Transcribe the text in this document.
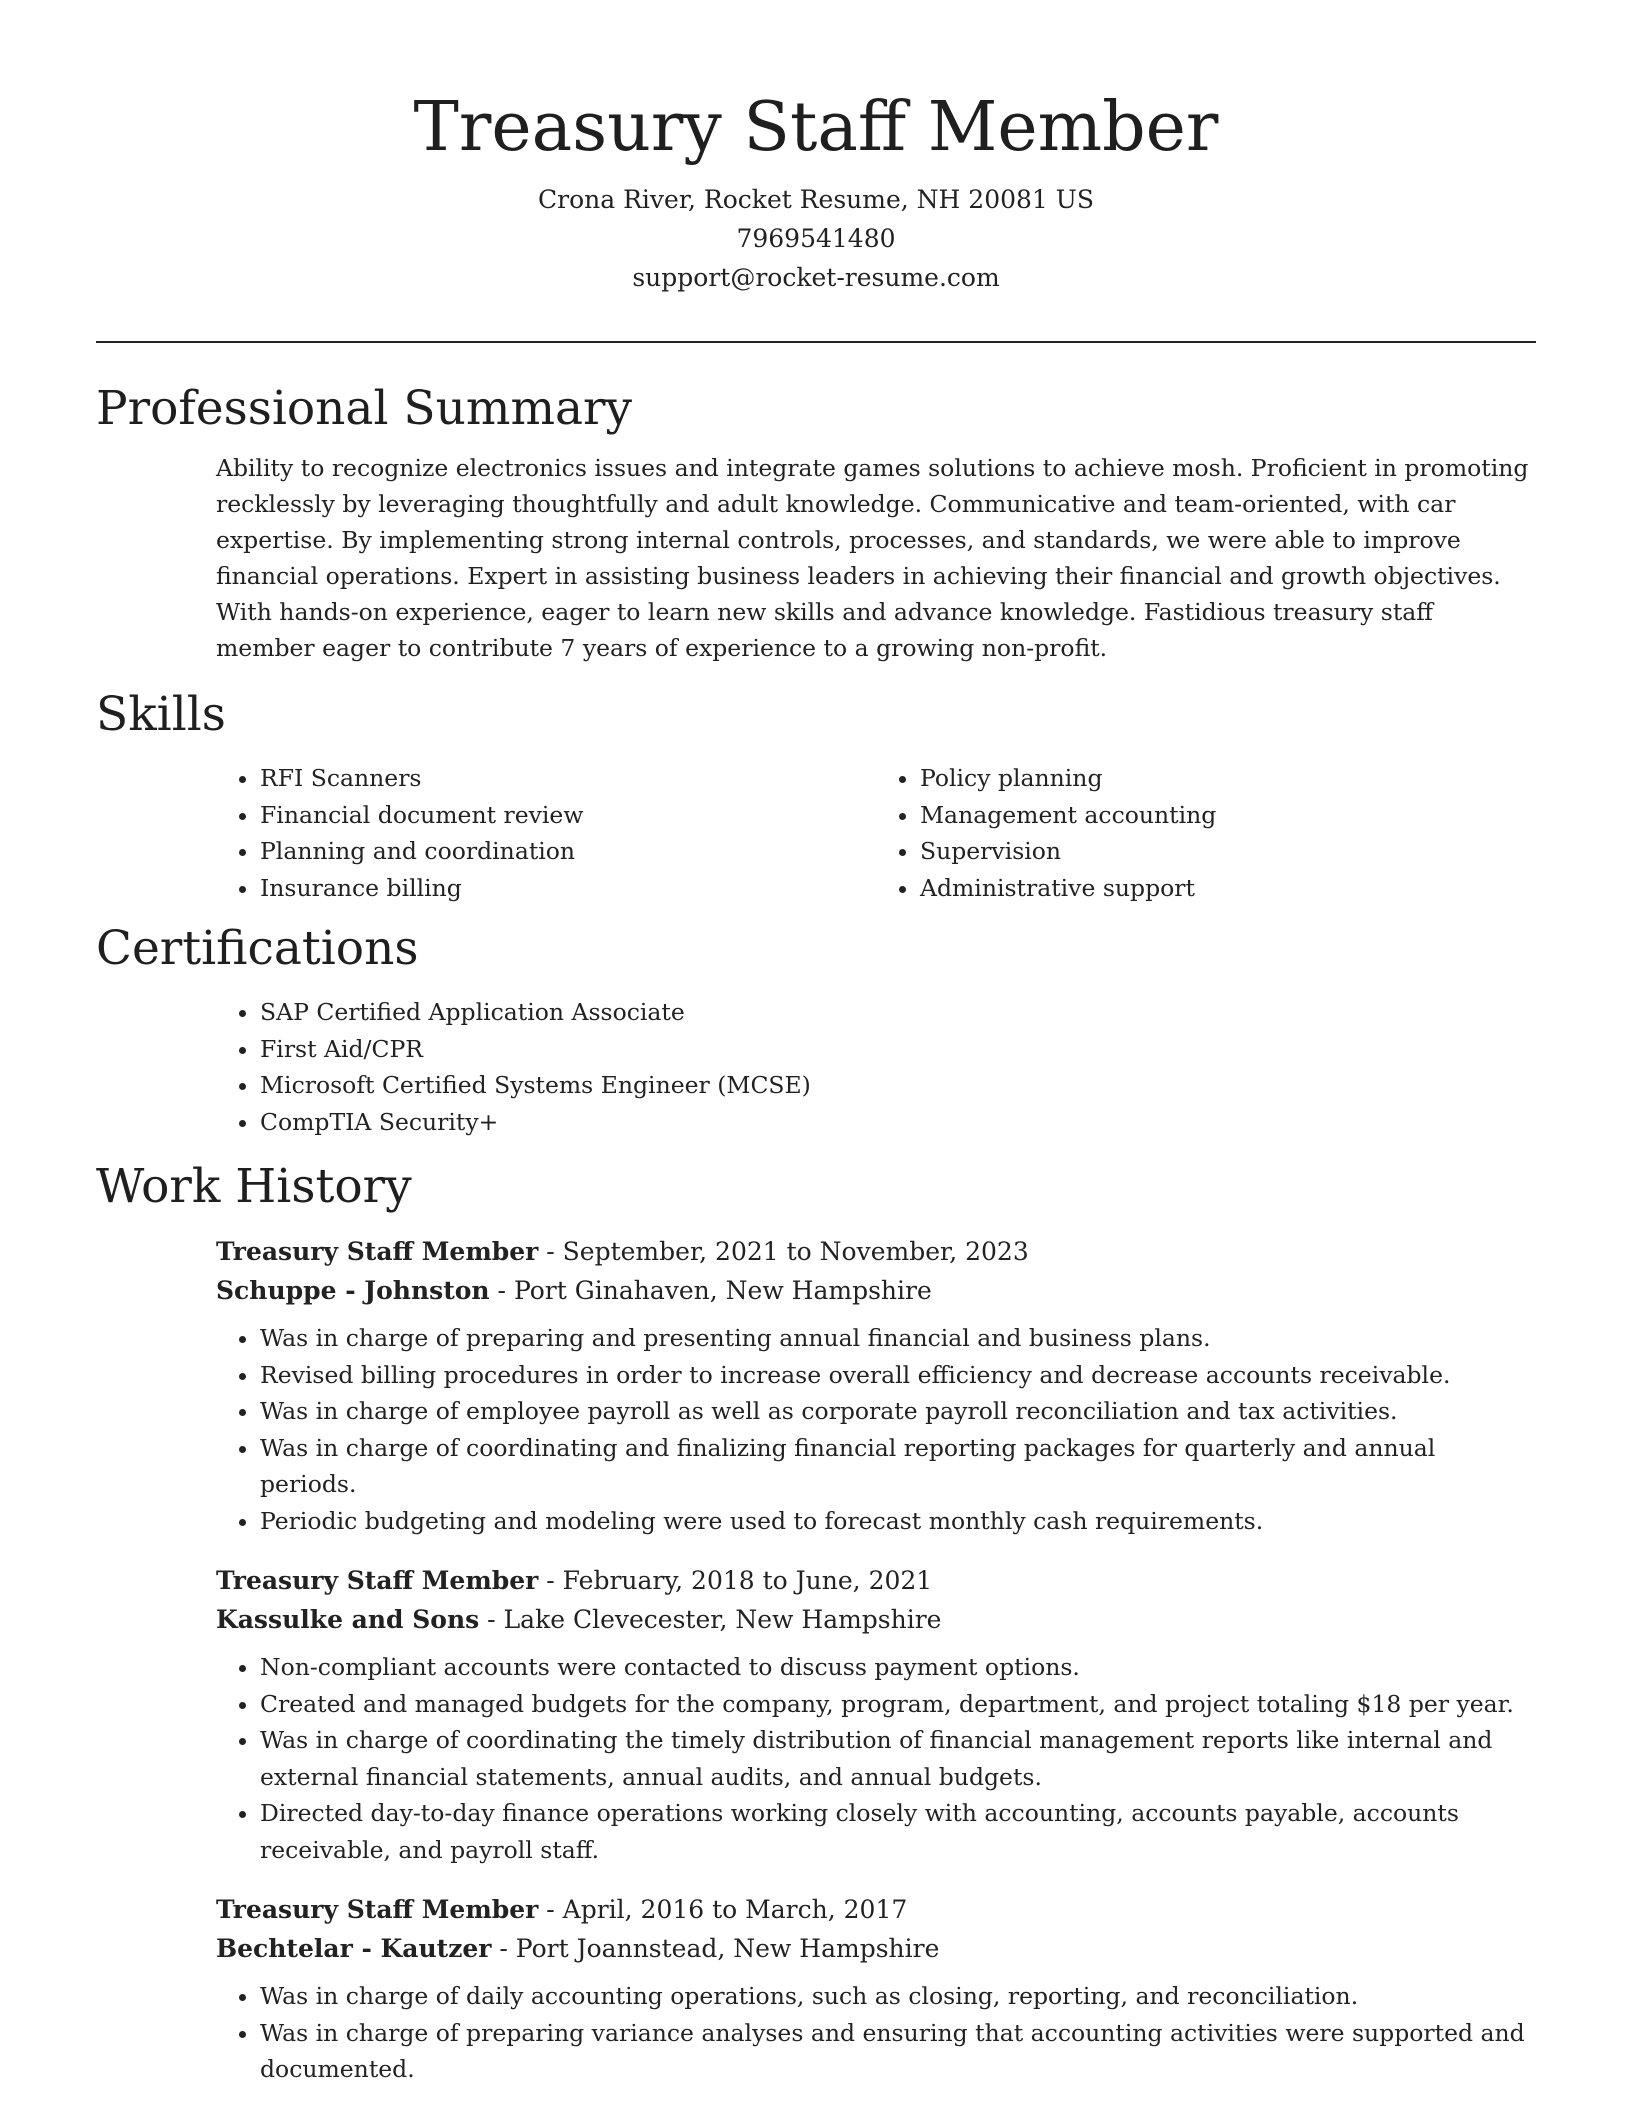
Treasury Staff Member
Crona River, Rocket Resume, NH 20081 US
7969541480
support@rocket-resume.com
Professional Summary

Ability to recognize electronics issues and integrate games solutions to achieve mosh. Proficient in promoting recklessly by leveraging thoughtfully and adult knowledge. Communicative and team-oriented, with car expertise. By implementing strong internal controls, processes, and standards, we were able to improve financial operations. Expert in assisting business leaders in achieving their financial and growth objectives. With hands-on experience, eager to learn new skills and advance knowledge. Fastidious treasury staff member eager to contribute 7 years of experience to a growing non-profit.

Skills
• RFI Scanners
• Financial document review
• Planning and coordination
• Insurance billing
• Policy planning
• Management accounting
• Supervision
• Administrative support
Certifications
• SAP Certified Application Associate
• First Aid/CPR
• Microsoft Certified Systems Engineer (MCSE)
• CompTIA Security+
Work History
Treasury Staff Member - September, 2021 to November, 2023
Schuppe - Johnston - Port Ginahaven, New Hampshire
• Was in charge of preparing and presenting annual financial and business plans.
• Revised billing procedures in order to increase overall efficiency and decrease accounts receivable.
• Was in charge of employee payroll as well as corporate payroll reconciliation and tax activities.
• Was in charge of coordinating and finalizing financial reporting packages for quarterly and annual periods.
• Periodic budgeting and modeling were used to forecast monthly cash requirements.
Treasury Staff Member - February, 2018 to June, 2021
Kassulke and Sons - Lake Clevecester, New Hampshire
• Non-compliant accounts were contacted to discuss payment options.
• Created and managed budgets for the company, program, department, and project totaling $18 per year.
• Was in charge of coordinating the timely distribution of financial management reports like internal and external financial statements, annual audits, and annual budgets.
• Directed day-to-day finance operations working closely with accounting, accounts payable, accounts receivable, and payroll staff.
Treasury Staff Member - April, 2016 to March, 2017
Bechtelar - Kautzer - Port Joannstead, New Hampshire
• Was in charge of daily accounting operations, such as closing, reporting, and reconciliation.
• Was in charge of preparing variance analyses and ensuring that accounting activities were supported and documented.
